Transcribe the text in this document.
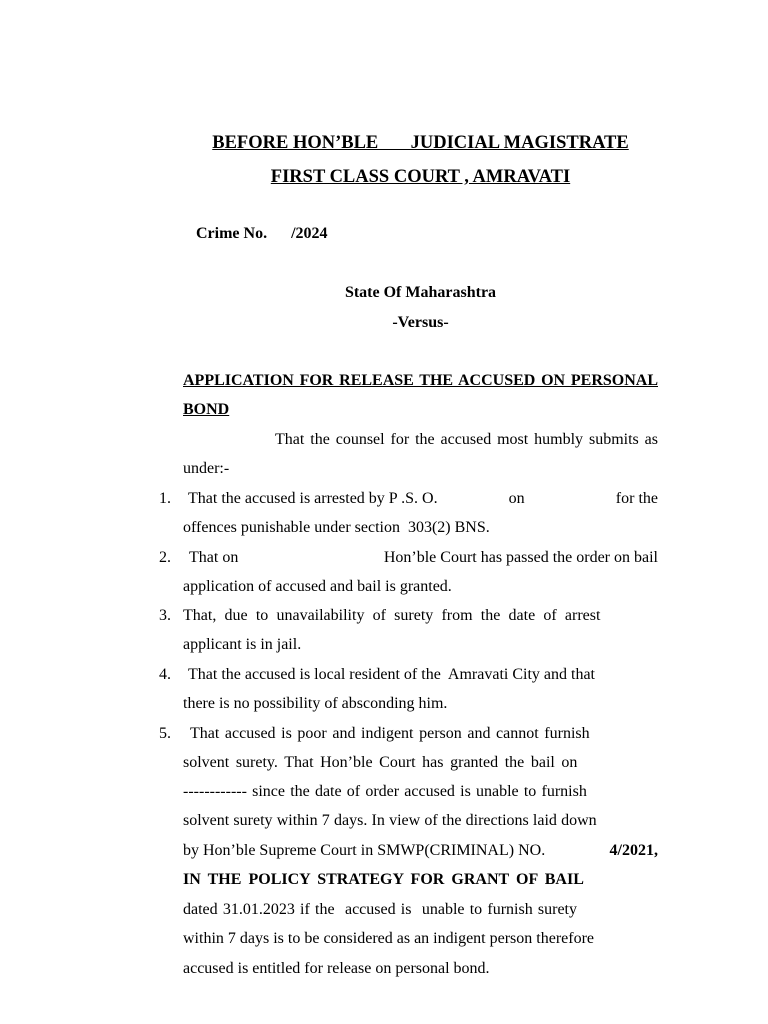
BEFORE HON’BLE       JUDICIAL MAGISTRATE
FIRST CLASS COURT , AMRAVATI
Crime No.      /2024
State Of Maharashtra
-Versus-
APPLICATION FOR RELEASE THE ACCUSED ON PERSONAL BOND
That the counsel for the accused most humbly submits as under:-
1.	That the accused is arrested by P .S. O.	on	for the
offences punishable under section  303(2) BNS.
2.	That on	Hon’ble Court has passed the order on bail
application of accused and bail is granted.
3. That, due to unavailability of surety from the date of arrest
applicant is in jail.
4.	That the accused is local resident of the  Amravati City and that
there is no possibility of absconding him.
5.	That accused is poor and indigent person and cannot furnish
solvent surety. That Hon’ble Court has granted the bail on
------------ since the date of order accused is unable to furnish
solvent surety within 7 days. In view of the directions laid down
by Hon’ble Supreme Court in SMWP(CRIMINAL) NO.	4/2021,
IN THE POLICY STRATEGY FOR GRANT OF BAIL
dated 31.01.2023 if the  accused is  unable to furnish surety
within 7 days is to be considered as an indigent person therefore
accused is entitled for release on personal bond.
